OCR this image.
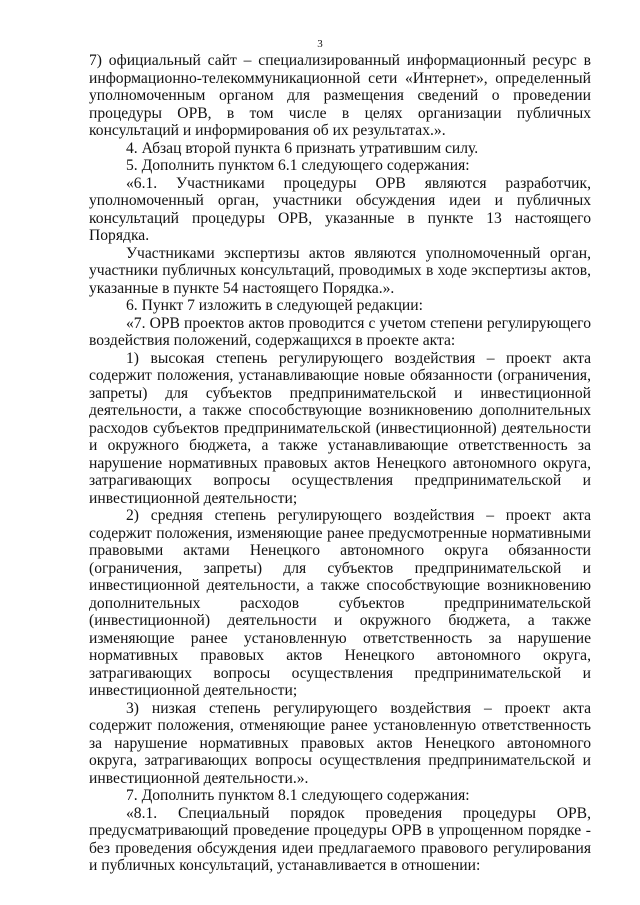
3

7) официальный сайт – специализированный информационный ресурс в информационно-телекоммуникационной сети «Интернет», определенный уполномоченным органом для размещения сведений о проведении процедуры ОРВ, в том числе в целях организации публичных консультаций и информирования об их результатах.».

4. Абзац второй пункта 6 признать утратившим силу.

5. Дополнить пунктом 6.1 следующего содержания:

«6.1. Участниками процедуры ОРВ являются разработчик, уполномоченный орган, участники обсуждения идеи и публичных консультаций процедуры ОРВ, указанные в пункте 13 настоящего Порядка.

Участниками экспертизы актов являются уполномоченный орган, участники публичных консультаций, проводимых в ходе экспертизы актов, указанные в пункте 54 настоящего Порядка.».

6. Пункт 7 изложить в следующей редакции:

«7. ОРВ проектов актов проводится с учетом степени регулирующего воздействия положений, содержащихся в проекте акта:

1) высокая степень регулирующего воздействия – проект акта содержит положения, устанавливающие новые обязанности (ограничения, запреты) для субъектов предпринимательской и инвестиционной деятельности, а также способствующие возникновению дополнительных расходов субъектов предпринимательской (инвестиционной) деятельности и окружного бюджета, а также устанавливающие ответственность за нарушение нормативных правовых актов Ненецкого автономного округа, затрагивающих вопросы осуществления предпринимательской и инвестиционной деятельности;

2) средняя степень регулирующего воздействия – проект акта содержит положения, изменяющие ранее предусмотренные нормативными правовыми актами Ненецкого автономного округа обязанности (ограничения, запреты) для субъектов предпринимательской и инвестиционной деятельности, а также способствующие возникновению дополнительных расходов субъектов предпринимательской (инвестиционной) деятельности и окружного бюджета, а также изменяющие ранее установленную ответственность за нарушение нормативных правовых актов Ненецкого автономного округа, затрагивающих вопросы осуществления предпринимательской и инвестиционной деятельности;

3) низкая степень регулирующего воздействия – проект акта содержит положения, отменяющие ранее установленную ответственность за нарушение нормативных правовых актов Ненецкого автономного округа, затрагивающих вопросы осуществления предпринимательской и инвестиционной деятельности.».

7. Дополнить пунктом 8.1 следующего содержания:

«8.1. Специальный порядок проведения процедуры ОРВ, предусматривающий проведение процедуры ОРВ в упрощенном порядке - без проведения обсуждения идеи предлагаемого правового регулирования и публичных консультаций, устанавливается в отношении:
